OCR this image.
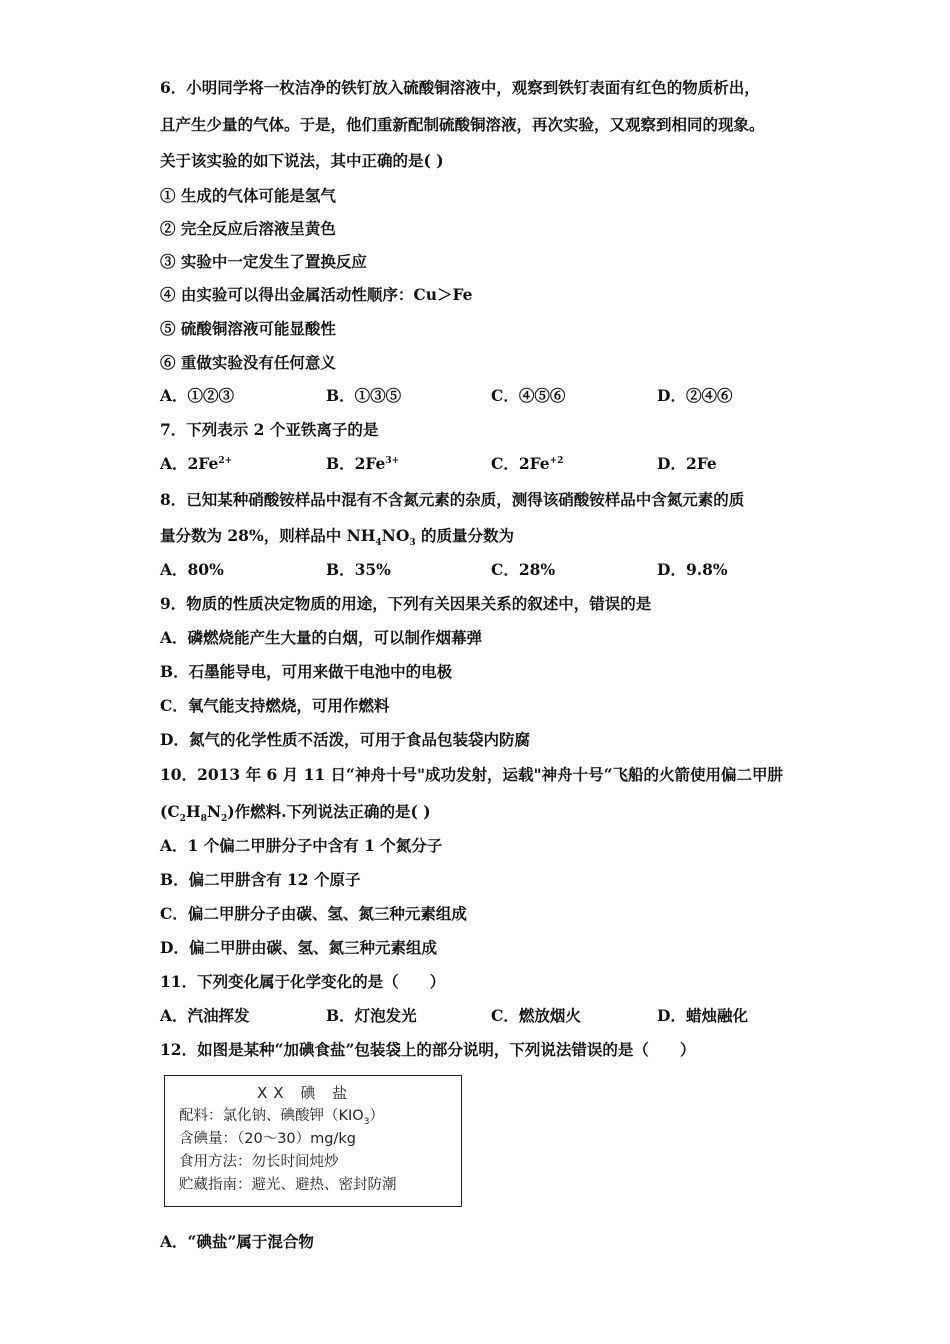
6．小明同学将一枚洁净的铁钉放入硫酸铜溶液中，观察到铁钉表面有红色的物质析出，
且产生少量的气体。于是，他们重新配制硫酸铜溶液，再次实验，又观察到相同的现象。
关于该实验的如下说法，其中正确的是( )
① 生成的气体可能是氢气
② 完全反应后溶液呈黄色
③ 实验中一定发生了置换反应
④ 由实验可以得出金属活动性顺序：Cu＞Fe
⑤ 硫酸铜溶液可能显酸性
⑥ 重做实验没有任何意义
A．①②③	B．①③⑤	C．④⑤⑥	D．②④⑥
7．下列表示 2 个亚铁离子的是
A．$2Fe^{2+}$	B．$2Fe^{3+}$	C．$2Fe^{+2}$	D．2Fe
8．已知某种硝酸铵样品中混有不含氮元素的杂质，测得该硝酸铵样品中含氮元素的质
量分数为 28%，则样品中 $NH_4NO_3$ 的质量分数为
A．80%	B．35%	C．28%	D．9.8%
9．物质的性质决定物质的用途，下列有关因果关系的叙述中，错误的是
A．磷燃烧能产生大量的白烟，可以制作烟幕弹
B．石墨能导电，可用来做干电池中的电极
C．氧气能支持燃烧，可用作燃料
D．氮气的化学性质不活泼，可用于食品包装袋内防腐
10．2013 年 6 月 11 日“神舟十号"成功发射，运载"神舟十号“飞船的火箭使用偏二甲肼
$(C_2H_8N_2)$作燃料.下列说法正确的是( )
A．1 个偏二甲肼分子中含有 1 个氮分子
B．偏二甲肼含有 12 个原子
C．偏二甲肼分子由碳、氢、氮三种元素组成
D．偏二甲肼由碳、氢、氮三种元素组成
11．下列变化属于化学变化的是（　　）
A．汽油挥发	B．灯泡发光	C．燃放烟火	D．蜡烛融化
12．如图是某种“加碘食盐”包装袋上的部分说明，下列说法错误的是（　　）
XX 碘 盐
配料：氯化钠、碘酸钾$(KIO_3)$
含碘量：（20～30）mg/kg
食用方法：勿长时间炖炒
贮藏指南：避光、避热、密封防潮
A．“碘盐”属于混合物
